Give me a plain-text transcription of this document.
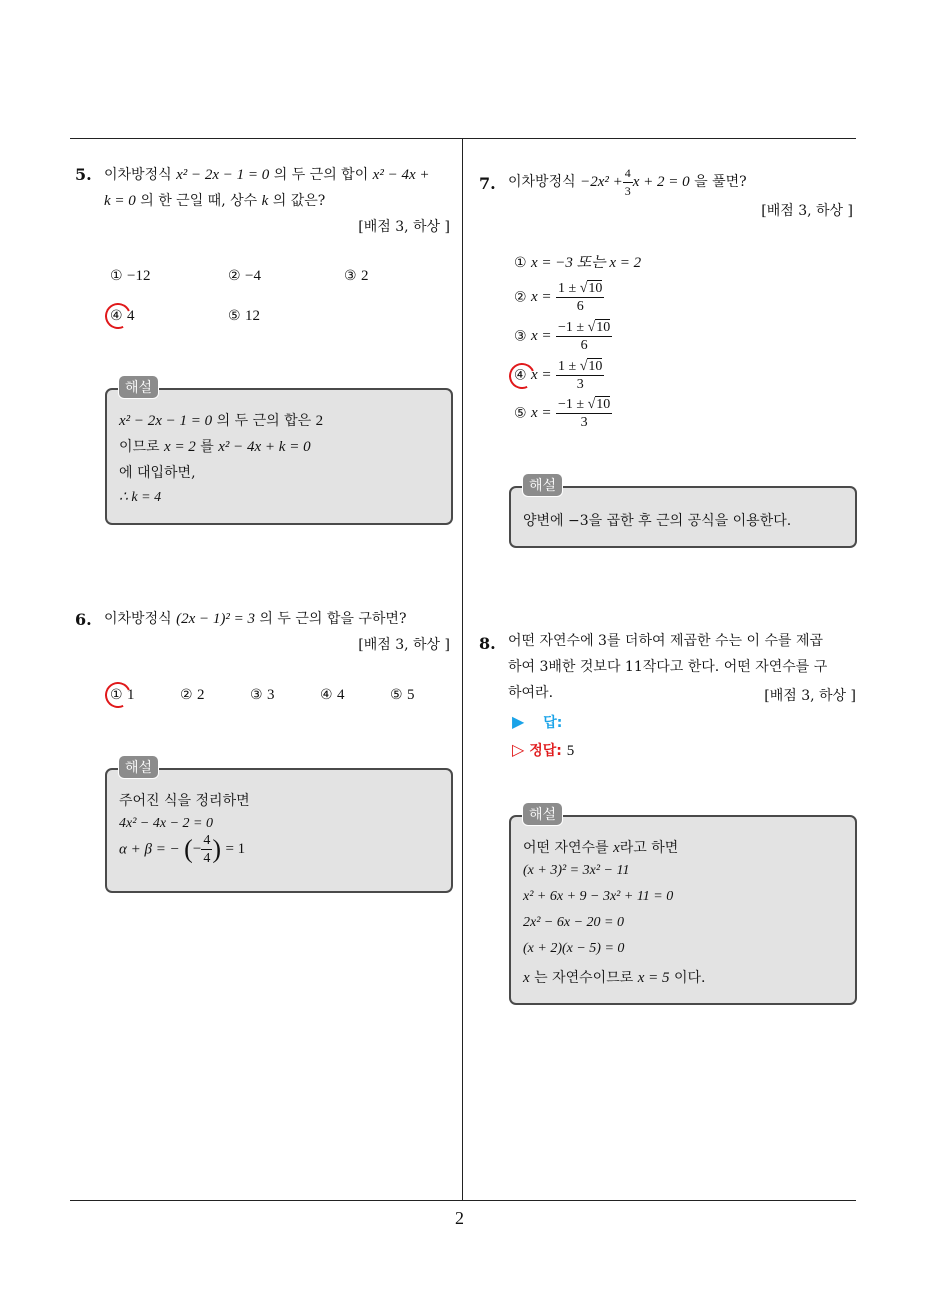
2
5. 이차방정식 x² − 2x − 1 = 0 의 두 근의 합이 x² − 4x +
k = 0 의 한 근일 때, 상수 k 의 값은?
[배점 3, 하상 ]
① −12	② −4	③ 2
④ 4	⑤ 12
x² − 2x − 1 = 0 의 두 근의 합은 2
이므로 x = 2 를 x² − 4x + k = 0
에 대입하면,
∴ k = 4
해설
6. 이차방정식 (2x − 1)² = 3 의 두 근의 합을 구하면?
[배점 3, 하상 ]
① 1	② 2	③ 3	④ 4	⑤ 5
주어진 식을 정리하면
4x² − 4x − 2 = 0
α + β = − (− $\frac{4}{4}$ ) = 1
해설
7. 이차방정식 $-2x^2 + \frac{4}{3}$ x + 2 = 0 을 풀면?
[배점 3, 하상 ]
① x = −3 또는 x = 2
② $x = \frac{1 \pm √10}{6}$
③ $x = \frac{-1 \pm √10}{6}$
④ $x = \frac{1 \pm √10}{3}$
⑤ $x = \frac{-1 \pm √10}{3}$
양변에 −3을 곱한 후 근의 공식을 이용한다.
해설
8. 어떤 자연수에 3를 더하여 제곱한 수는 이 수를 제곱
하여 3배한 것보다 11작다고 한다. 어떤 자연수를 구
하여라.	[배점 3, 하상 ]
▶ 답:
▷ 정답: 5
어떤 자연수를 x라고 하면
(x + 3)² = 3x² − 11
x² + 6x + 9 − 3x² + 11 = 0
2x² − 6x − 20 = 0
(x + 2)(x − 5) = 0
x 는 자연수이므로 x = 5 이다.
해설
